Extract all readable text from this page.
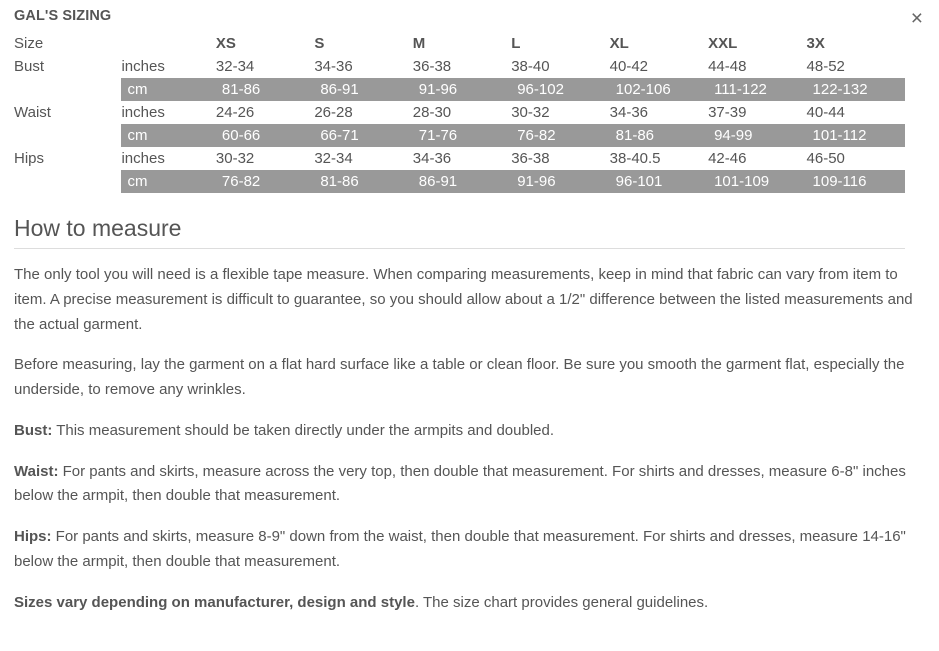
×
GAL'S SIZING
Size		XS	S	M	L	XL	XXL	3X
Bust	inches	32-34	34-36	36-38	38-40	40-42	44-48	48-52
	cm	81-86	86-91	91-96	96-102	102-106	111-122	122-132
Waist	inches	24-26	26-28	28-30	30-32	34-36	37-39	40-44
	cm	60-66	66-71	71-76	76-82	81-86	94-99	101-112
Hips	inches	30-32	32-34	34-36	36-38	38-40.5	42-46	46-50
	cm	76-82	81-86	86-91	91-96	96-101	101-109	109-116
How to measure

The only tool you will need is a flexible tape measure. When comparing measurements, keep in mind that fabric can vary from item to item. A precise measurement is difficult to guarantee, so you should allow about a 1/2" difference between the listed measurements and the actual garment.

Before measuring, lay the garment on a flat hard surface like a table or clean floor. Be sure you smooth the garment flat, especially the underside, to remove any wrinkles.

Bust: This measurement should be taken directly under the armpits and doubled.

Waist: For pants and skirts, measure across the very top, then double that measurement. For shirts and dresses, measure 6-8" inches below the armpit, then double that measurement.

Hips: For pants and skirts, measure 8-9" down from the waist, then double that measurement. For shirts and dresses, measure 14-16" below the armpit, then double that measurement.

Sizes vary depending on manufacturer, design and style. The size chart provides general guidelines.
